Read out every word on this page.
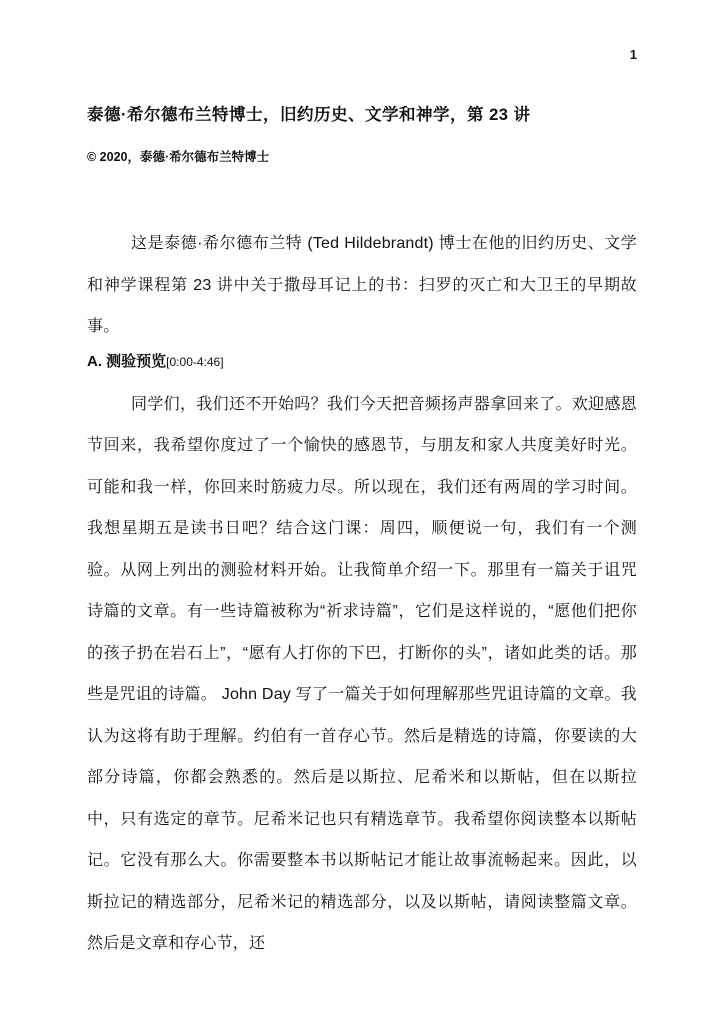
1
泰德·希尔德布兰特博士，旧约历史、文学和神学，第 23 讲
© 2020，泰德·希尔德布兰特博士

这是泰德·希尔德布兰特 (Ted Hildebrandt) 博士在他的旧约历史、文学和神学课程第 23 讲中关于撒母耳记上的书：扫罗的灭亡和大卫王的早期故事。

A. 测验预览[0:00-4:46]

同学们，我们还不开始吗？我们今天把音频扬声器拿回来了。欢迎感恩节回来，我希望你度过了一个愉快的感恩节，与朋友和家人共度美好时光。可能和我一样，你回来时筋疲力尽。所以现在，我们还有两周的学习时间。我想星期五是读书日吧？结合这门课：周四，顺便说一句，我们有一个测验。从网上列出的测验材料开始。让我简单介绍一下。那里有一篇关于诅咒诗篇的文章。有一些诗篇被称为“祈求诗篇”，它们是这样说的，“愿他们把你的孩子扔在岩石上”，“愿有人打你的下巴，打断你的头”，诸如此类的话。那些是咒诅的诗篇。 John Day 写了一篇关于如何理解那些咒诅诗篇的文章。我认为这将有助于理解。约伯有一首存心节。然后是精选的诗篇，你要读的大部分诗篇，你都会熟悉的。然后是以斯拉、尼希米和以斯帖，但在以斯拉中，只有选定的章节。尼希米记也只有精选章节。我希望你阅读整本以斯帖记。它没有那么大。你需要整本书以斯帖记才能让故事流畅起来。因此，以斯拉记的精选部分，尼希米记的精选部分，以及以斯帖，请阅读整篇文章。然后是文章和存心节，还
